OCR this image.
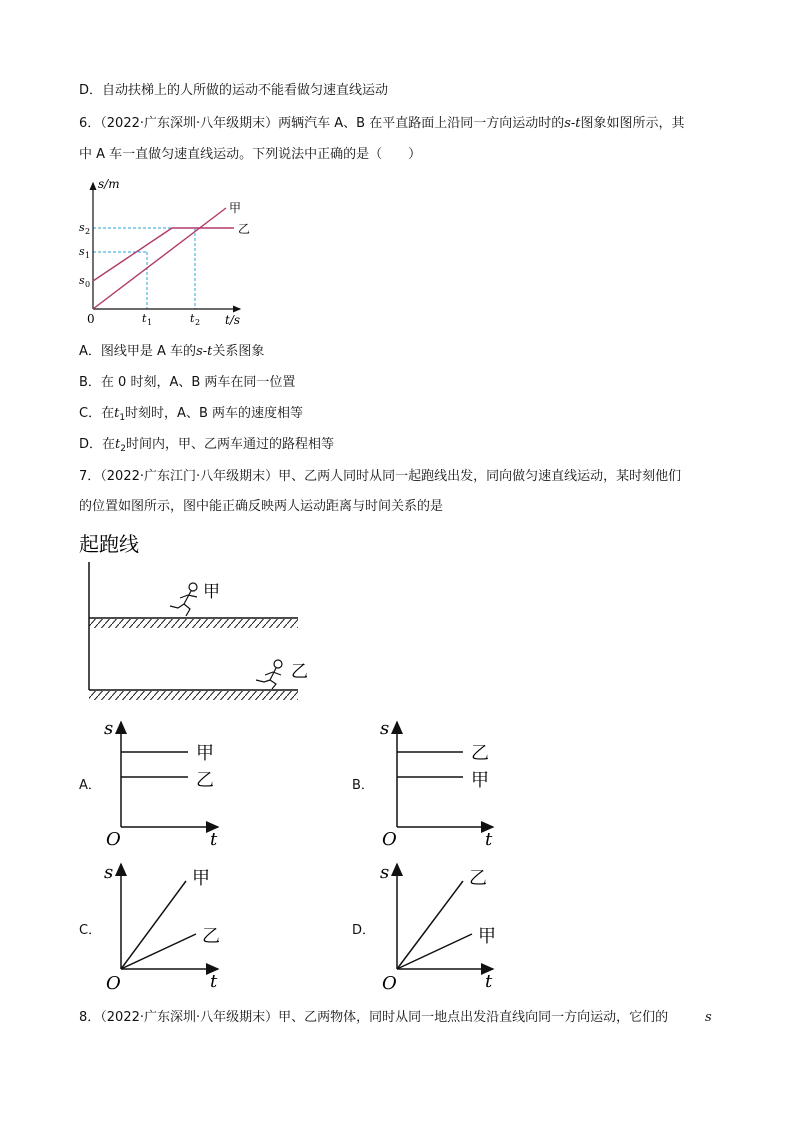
D．自动扶梯上的人所做的运动不能看做匀速直线运动
6．（2022·广东深圳·八年级期末）两辆汽车 A、B 在平直路面上沿同一方向运动时的s-t图象如图所示，其
中 A 车一直做匀速直线运动。下列说法中正确的是（　　）
s/m
t/s
0
甲
乙
s 2
s 1
s 0
t 1	t 2
A．图线甲是 A 车的s-t关系图象
B．在 0 时刻，A、B 两车在同一位置
C．在$t_1$时刻时，A、B 两车的速度相等
D．在$t_2$时间内，甲、乙两车通过的路程相等
7．（2022·广东江门·八年级期末）甲、乙两人同时从同一起跑线出发，同向做匀速直线运动，某时刻他们
的位置如图所示，图中能正确反映两人运动距离与时间关系的是
起跑线
甲
乙
A．	B．
C．	D．
s
t
O
甲
乙
s
t
O
乙
甲
s
t
O
甲
乙
s
t
O
乙
甲
8．（2022·广东深圳·八年级期末）甲、乙两物体，同时从同一地点出发沿直线向同一方向运动，它们的	s
